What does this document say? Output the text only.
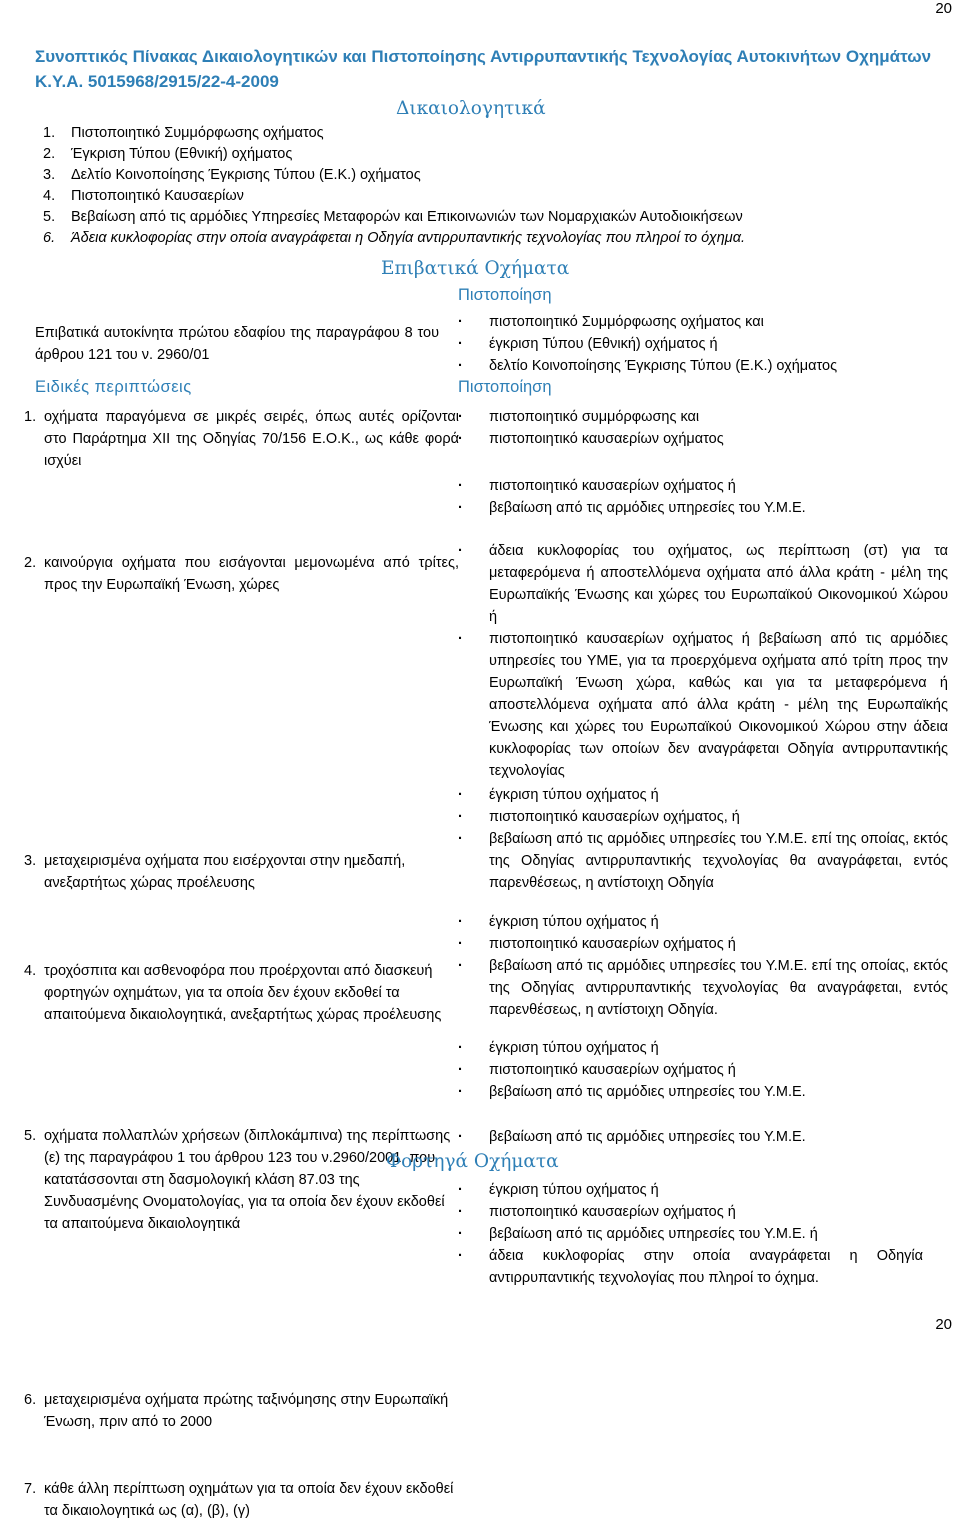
20
Συνοπτικός Πίνακας Δικαιολογητικών και Πιστοποίησης Αντιρρυπαντικής Τεχνολογίας Αυτοκινήτων Οχημάτων Κ.Υ.Α. 5015968/2915/22-4-2009
Δικαιολογητικά
1. Πιστοποιητικό Συμμόρφωσης οχήματος
2. Έγκριση Τύπου (Εθνική) οχήματος
3. Δελτίο Κοινοποίησης Έγκρισης Τύπου (Ε.Κ.) οχήματος
4. Πιστοποιητικό Καυσαερίων
5. Βεβαίωση από τις αρμόδιες Υπηρεσίες Μεταφορών και Επικοινωνιών των Νομαρχιακών Αυτοδιοικήσεων
6. Άδεια κυκλοφορίας στην οποία αναγράφεται η Οδηγία αντιρρυπαντικής τεχνολογίας που πληροί το όχημα.
Επιβατικά Οχήματα
Πιστοποίηση
Επιβατικά αυτοκίνητα πρώτου εδαφίου της παραγράφου 8 του άρθρου 121 του ν. 2960/01
· πιστοποιητικό Συμμόρφωσης οχήματος και
· έγκριση Τύπου (Εθνική) οχήματος ή
· δελτίο Κοινοποίησης Έγκρισης Τύπου (Ε.Κ.) οχήματος
Ειδικές περιπτώσεις	Πιστοποίηση
1. οχήματα παραγόμενα σε μικρές σειρές, όπως αυτές ορίζονται στο Παράρτημα XII της Οδηγίας 70/156 Ε.Ο.Κ., ως κάθε φορά ισχύει
· πιστοποιητικό συμμόρφωσης και
· πιστοποιητικό καυσαερίων οχήματος
2. καινούργια οχήματα που εισάγονται μεμονωμένα από τρίτες, προς την Ευρωπαϊκή Ένωση, χώρες
· πιστοποιητικό καυσαερίων οχήματος ή
· βεβαίωση από τις αρμόδιες υπηρεσίες του Υ.Μ.Ε.
3. μεταχειρισμένα οχήματα που εισέρχονται στην ημεδαπή, ανεξαρτήτως χώρας προέλευσης
· άδεια κυκλοφορίας του οχήματος, ως περίπτωση (στ) για τα μεταφερόμενα ή αποστελλόμενα οχήματα από άλλα κράτη - μέλη της Ευρωπαϊκής Ένωσης και χώρες του Ευρωπαϊκού Οικονομικού Χώρου ή
· πιστοποιητικό καυσαερίων οχήματος ή βεβαίωση από τις αρμόδιες υπηρεσίες του ΥΜΕ, για τα προερχόμενα οχήματα από τρίτη προς την Ευρωπαϊκή Ένωση χώρα, καθώς και για τα μεταφερόμενα ή αποστελλόμενα οχήματα από άλλα κράτη - μέλη της Ευρωπαϊκής Ένωσης και χώρες του Ευρωπαϊκού Οικονομικού Χώρου στην άδεια κυκλοφορίας των οποίων δεν αναγράφεται Οδηγία αντιρρυπαντικής τεχνολογίας
4. τροχόσπιτα και ασθενοφόρα που προέρχονται από διασκευή φορτηγών οχημάτων, για τα οποία δεν έχουν εκδοθεί τα απαιτούμενα δικαιολογητικά, ανεξαρτήτως χώρας προέλευσης
· έγκριση τύπου οχήματος ή
· πιστοποιητικό καυσαερίων οχήματος, ή
· βεβαίωση από τις αρμόδιες υπηρεσίες του Υ.Μ.Ε. επί της οποίας, εκτός της Οδηγίας αντιρρυπαντικής τεχνολογίας θα αναγράφεται, εντός παρενθέσεως, η αντίστοιχη Οδηγία
5. οχήματα πολλαπλών χρήσεων (διπλοκάμπινα) της περίπτωσης (ε) της παραγράφου 1 του άρθρου 123 του ν.2960/2001, που κατατάσσονται στη δασμολογική κλάση 87.03 της Συνδυασμένης Ονοματολογίας, για τα οποία δεν έχουν εκδοθεί τα απαιτούμενα δικαιολογητικά
· έγκριση τύπου οχήματος ή
· πιστοποιητικό καυσαερίων οχήματος ή
· βεβαίωση από τις αρμόδιες υπηρεσίες του Υ.Μ.Ε. επί της οποίας, εκτός της Οδηγίας αντιρρυπαντικής τεχνολογίας θα αναγράφεται, εντός παρενθέσεως, η αντίστοιχη Οδηγία.
6. μεταχειρισμένα οχήματα πρώτης ταξινόμησης στην Ευρωπαϊκή Ένωση, πριν από το 2000
· έγκριση τύπου οχήματος ή
· πιστοποιητικό καυσαερίων οχήματος ή
· βεβαίωση από τις αρμόδιες υπηρεσίες του Υ.Μ.Ε.
7. κάθε άλλη περίπτωση οχημάτων για τα οποία δεν έχουν εκδοθεί τα δικαιολογητικά ως (α), (β), (γ)
· βεβαίωση από τις αρμόδιες υπηρεσίες του Υ.Μ.Ε.
Φορτηγά Οχήματα
· έγκριση τύπου οχήματος ή
· πιστοποιητικό καυσαερίων οχήματος ή
· βεβαίωση από τις αρμόδιες υπηρεσίες του Υ.Μ.Ε. ή
· άδεια κυκλοφορίας στην οποία αναγράφεται η Οδηγία αντιρρυπαντικής τεχνολογίας που πληροί το όχημα.
20
